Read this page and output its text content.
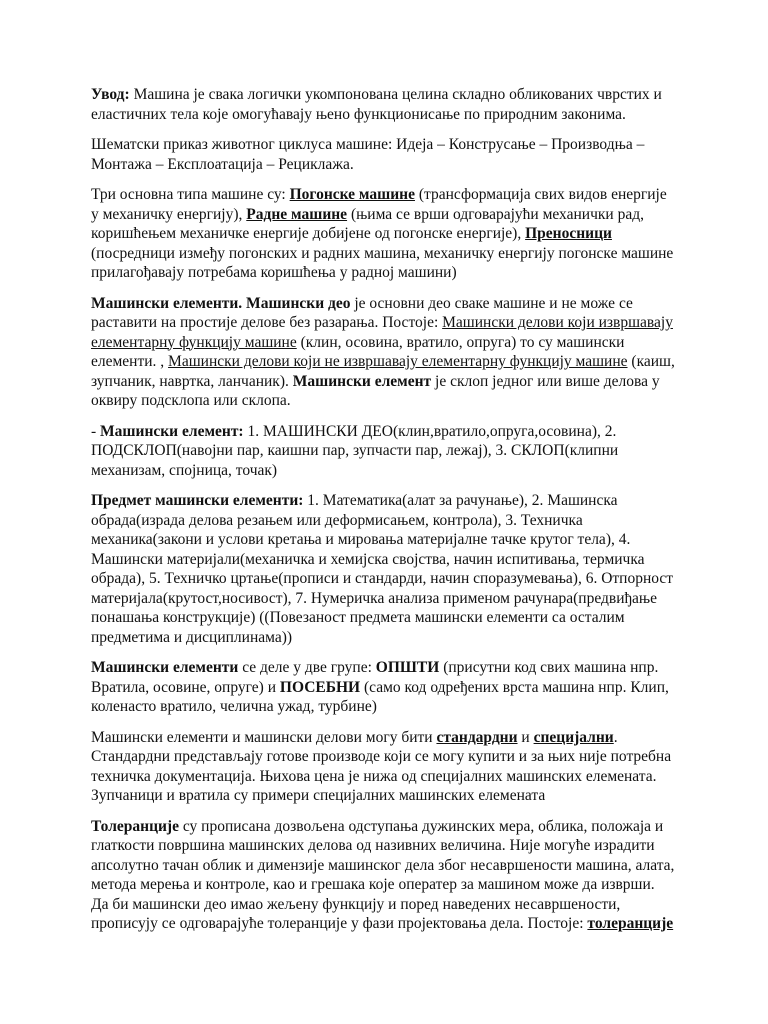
Увод: Машина је свака логички укомпонована целина складно обликованих чврстих и
еластичних тела које омогућавају њено функционисање по природним законима.

Шематски приказ животног циклуса машине: Идеја – Конструсање – Производња –
Монтажа – Експлоатација – Рециклажа.

Три основна типа машине су: Погонске машине (трансформација свих видов енергије
у механичку енергију), Радне машине (њима се врши одговарајући механички рад,
коришћењем механичке енергије добијене од погонске енергије), Преносници
(посредници између погонских и радних машина, механичку енергију погонске машине
прилагођавају потребама коришћења у радној машини)

Машински елементи. Машински део је основни део сваке машине и не може се
раставити на простије делове без разарања. Постоје: Машински делови који извршавају
елементарну функцију машине (клин, осовина, вратило, опруга) то су машински
елементи. , Машински делови који не извршавају елементарну функцију машине (каиш,
зупчаник, навртка, ланчаник). Машински елемент је склоп једног или више делова у
оквиру подсклопа или склопа.

- Машински елемент: 1. МАШИНСКИ ДЕО(клин,вратило,опруга,осовина), 2.
ПОДСКЛОП(навојни пар, каишни пар, зупчасти пар, лежај), 3. СКЛОП(клипни
механизам, спојница, точак)

Предмет машински елементи: 1. Математика(алат за рачунање), 2. Машинска
обрада(израда делова резањем или деформисањем, контрола), 3. Техничка
механика(закони и услови кретања и мировања материјалне тачке крутог тела), 4.
Машински материјали(механичка и хемијска својства, начин испитивања, термичка
обрада), 5. Техничко цртање(прописи и стандарди, начин споразумевања), 6. Отпорност
материјала(крутост,носивост), 7. Нумеричка анализа применом рачунара(предвиђање
понашања конструкције) ((Повезаност предмета машински елементи са осталим
предметима и дисциплинама))

Машински елементи се деле у две групе: ОПШТИ (присутни код свих машина нпр.
Вратила, осовине, опруге) и ПОСЕБНИ (само код одређених врста машина нпр. Клип,
коленасто вратило, челична ужад, турбине)

Машински елементи и машински делови могу бити стандардни и специјални.
Стандардни представљају готове производе који се могу купити и за њих није потребна
техничка документација. Њихова цена је нижа од специјалних машинских елемената.
Зупчаници и вратила су примери специјалних машинских елемената

Толеранције су прописана дозвољена одступања дужинских мера, облика, положаја и
глаткости површина машинских делова од називних величина. Није могуће израдити
апсолутно тачан облик и димензије машинског дела због несавршености машина, алата,
метода мерења и контроле, као и грешака које оператер за машином може да изврши.
Да би машински део имао жељену функцију и поред наведених несавршености,
прописују се одговарајуће толеранције у фази пројектовања дела. Постоје: толеранције
